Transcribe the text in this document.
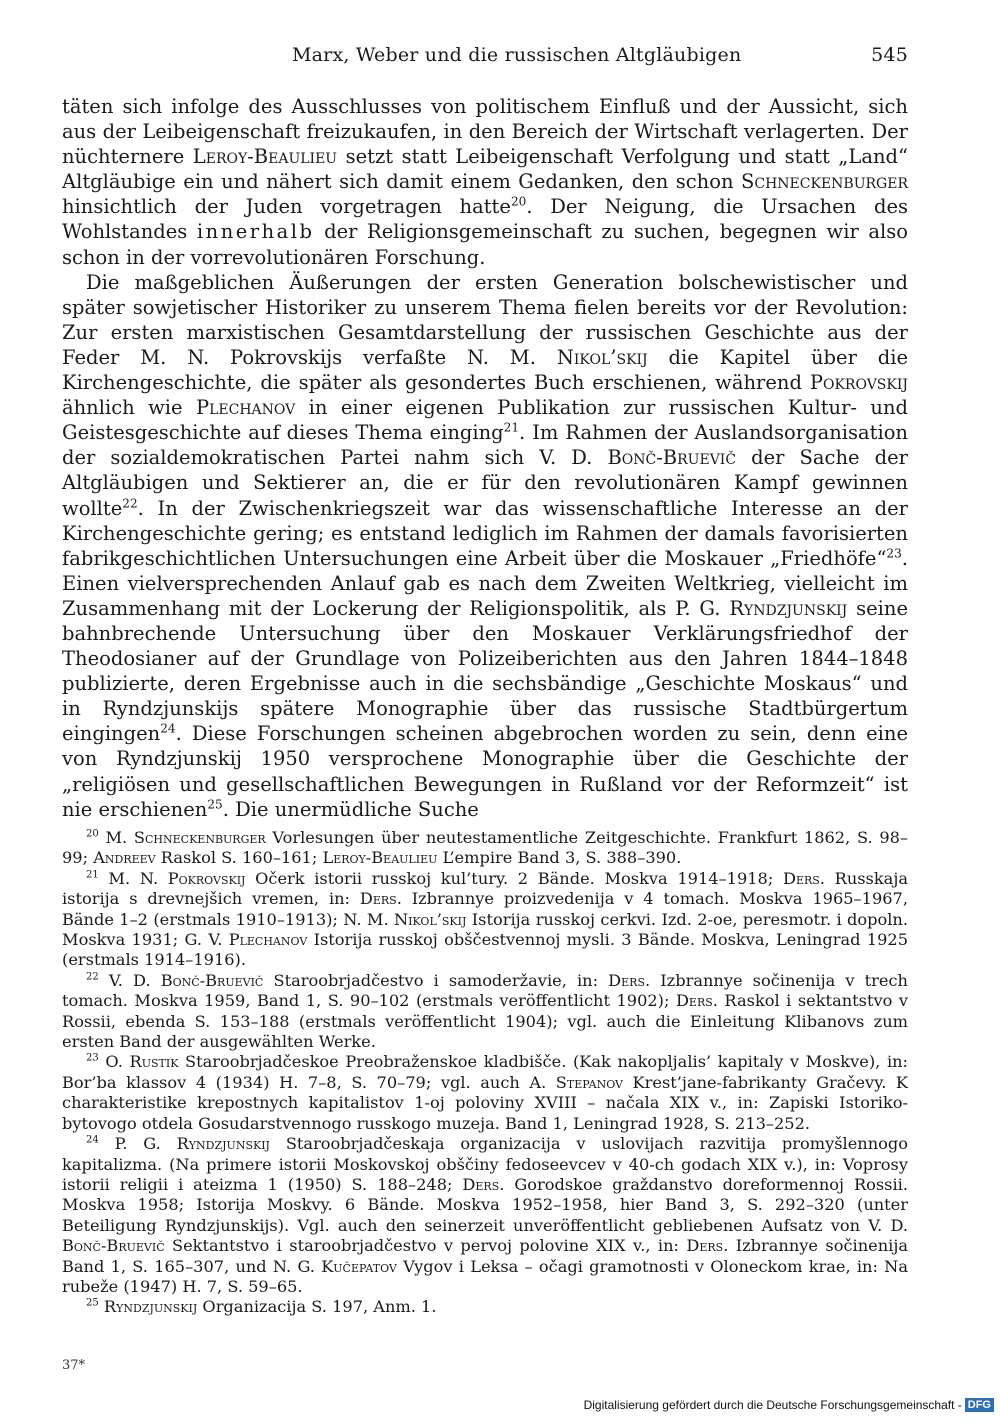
Marx, Weber und die russischen Altgläubigen	545

täten sich infolge des Ausschlusses von politischem Einfluß und der Aussicht, sich aus der Leibeigenschaft freizukaufen, in den Bereich der Wirtschaft verlagerten. Der nüchternere Leroy-Beaulieu setzt statt Leibeigenschaft Verfolgung und statt „Land“ Altgläubige ein und nähert sich damit einem Gedanken, den schon Schneckenburger hinsichtlich der Juden vorgetragen hatte$^{20}$. Der Neigung, die Ursachen des Wohlstandes innerhalb der Religionsgemeinschaft zu suchen, begegnen wir also schon in der vorrevolutionären Forschung.

Die maßgeblichen Äußerungen der ersten Generation bolschewistischer und später sowjetischer Historiker zu unserem Thema fielen bereits vor der Revolution: Zur ersten marxistischen Gesamtdarstellung der russischen Geschichte aus der Feder M. N. Pokrovskijs verfaßte N. M. Nikol’skij die Kapitel über die Kirchengeschichte, die später als gesondertes Buch erschienen, während Pokrovskij ähnlich wie Plechanov in einer eigenen Publikation zur russischen Kultur- und Geistesgeschichte auf dieses Thema einging$^{21}$. Im Rahmen der Auslandsorganisation der sozialdemokratischen Partei nahm sich V. D. Bonč-Bruevič der Sache der Altgläubigen und Sektierer an, die er für den revolutionären Kampf gewinnen wollte$^{22}$. In der Zwischenkriegszeit war das wissenschaftliche Interesse an der Kirchengeschichte gering; es entstand lediglich im Rahmen der damals favorisierten fabrikgeschichtlichen Untersuchungen eine Arbeit über die Moskauer „Friedhöfe“$^{23}$. Einen vielversprechenden Anlauf gab es nach dem Zweiten Weltkrieg, vielleicht im Zusammenhang mit der Lockerung der Religionspolitik, als P. G. Ryndzjunskij seine bahnbrechende Untersuchung über den Moskauer Verklärungsfriedhof der Theodosianer auf der Grundlage von Polizeiberichten aus den Jahren 1844–1848 publizierte, deren Ergebnisse auch in die sechsbändige „Geschichte Moskaus“ und in Ryndzjunskijs spätere Monographie über das russische Stadtbürgertum eingingen$^{24}$. Diese Forschungen scheinen abgebrochen worden zu sein, denn eine von Ryndzjunskij 1950 versprochene Monographie über die Geschichte der „religiösen und gesellschaftlichen Bewegungen in Rußland vor der Reformzeit“ ist nie erschienen$^{25}$. Die unermüdliche Suche

$^{20}$ M. Schneckenburger Vorlesungen über neutestamentliche Zeitgeschichte. Frankfurt 1862, S. 98–99; Andreev Raskol S. 160–161; Leroy-Beaulieu L’empire Band 3, S. 388–390.

$^{21}$ M. N. Pokrovskij Očerk istorii russkoj kul’tury. 2 Bände. Moskva 1914–1918; Ders. Russkaja istorija s drevnejšich vremen, in: Ders. Izbrannye proizvedenija v 4 tomach. Moskva 1965–1967, Bände 1–2 (erstmals 1910–1913); N. M. Nikol’skij Istorija russkoj cerkvi. Izd. 2-oe, peresmotr. i dopoln. Moskva 1931; G. V. Plechanov Istorija russkoj obščestvennoj mysli. 3 Bände. Moskva, Leningrad 1925 (erstmals 1914–1916).

$^{22}$ V. D. Bonč-Bruevič Staroobrjadčestvo i samoderžavie, in: Ders. Izbrannye sočinenija v trech tomach. Moskva 1959, Band 1, S. 90–102 (erstmals veröffentlicht 1902); Ders. Raskol i sektantstvo v Rossii, ebenda S. 153–188 (erstmals veröffentlicht 1904); vgl. auch die Einleitung Klibanovs zum ersten Band der ausgewählten Werke.

$^{23}$ O. Rustik Staroobrjadčeskoe Preobraženskoe kladbišče. (Kak nakopljalis’ kapitaly v Moskve), in: Bor’ba klassov 4 (1934) H. 7–8, S. 70–79; vgl. auch A. Stepanov Krest’jane-fabrikanty Gračevy. K charakteristike krepostnych kapitalistov 1-oj poloviny XVIII – načala XIX v., in: Zapiski Istoriko-bytovogo otdela Gosudarstvennogo russkogo muzeja. Band 1, Leningrad 1928, S. 213–252.

$^{24}$ P. G. Ryndzjunskij Staroobrjadčeskaja organizacija v uslovijach razvitija promyšlennogo kapitalizma. (Na primere istorii Moskovskoj obščiny fedoseevcev v 40-ch godach XIX v.), in: Voprosy istorii religii i ateizma 1 (1950) S. 188–248; Ders. Gorodskoe graždanstvo doreformennoj Rossii. Moskva 1958; Istorija Moskvy. 6 Bände. Moskva 1952–1958, hier Band 3, S. 292–320 (unter Beteiligung Ryndzjunskijs). Vgl. auch den seinerzeit unveröffentlicht gebliebenen Aufsatz von V. D. Bonč-Bruevič Sektantstvo i staroobrjadčestvo v pervoj polovine XIX v., in: Ders. Izbrannye sočinenija Band 1, S. 165–307, und N. G. Kučepatov Vygov i Leksa – očagi gramotnosti v Oloneckom krae, in: Na rubeže (1947) H. 7, S. 59–65.

$^{25}$ Ryndzjunskij Organizacija S. 197, Anm. 1.

37*
Digitalisierung gefördert durch die Deutsche Forschungsgemeinschaft - DFG
